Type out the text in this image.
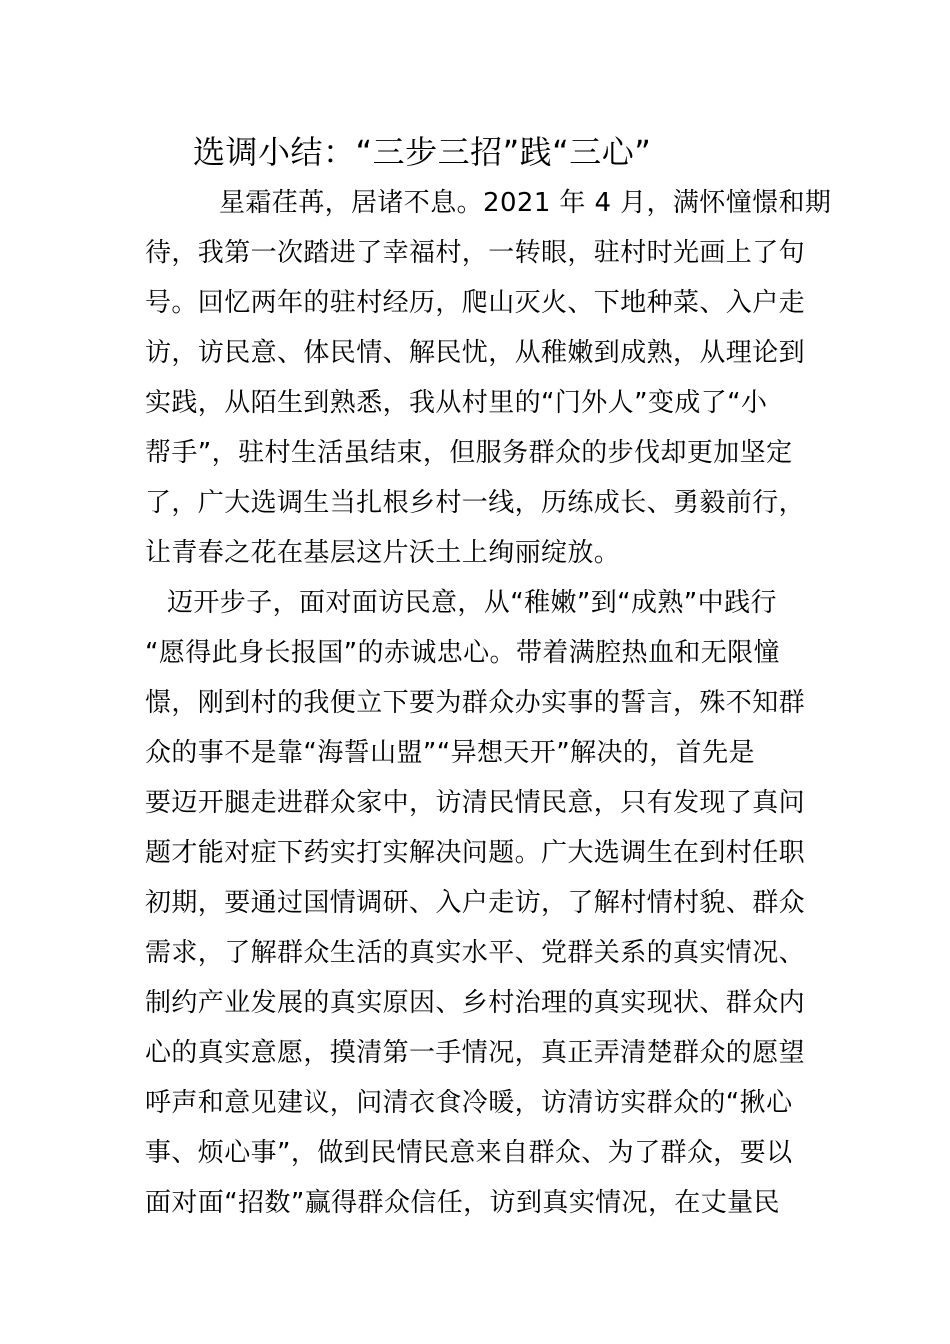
选调小结：“三步三招”践“三心”
星霜荏苒，居诸不息。2021 年 4 月，满怀憧憬和期
待，我第一次踏进了幸福村，一转眼，驻村时光画上了句
号。回忆两年的驻村经历，爬山灭火、下地种菜、入户走
访，访民意、体民情、解民忧，从稚嫩到成熟，从理论到
实践，从陌生到熟悉，我从村里的“门外人”变成了“小
帮手”，驻村生活虽结束，但服务群众的步伐却更加坚定
了，广大选调生当扎根乡村一线，历练成长、勇毅前行，
让青春之花在基层这片沃土上绚丽绽放。
迈开步子，面对面访民意，从“稚嫩”到“成熟”中践行
“愿得此身长报国”的赤诚忠心。带着满腔热血和无限憧
憬，刚到村的我便立下要为群众办实事的誓言，殊不知群
众的事不是靠“海誓山盟”“异想天开”解决的，首先是
要迈开腿走进群众家中，访清民情民意，只有发现了真问
题才能对症下药实打实解决问题。广大选调生在到村任职
初期，要通过国情调研、入户走访，了解村情村貌、群众
需求，了解群众生活的真实水平、党群关系的真实情况、
制约产业发展的真实原因、乡村治理的真实现状、群众内
心的真实意愿，摸清第一手情况，真正弄清楚群众的愿望
呼声和意见建议，问清衣食冷暖，访清访实群众的“揪心
事、烦心事”，做到民情民意来自群众、为了群众，要以
面对面“招数”赢得群众信任，访到真实情况，在丈量民
